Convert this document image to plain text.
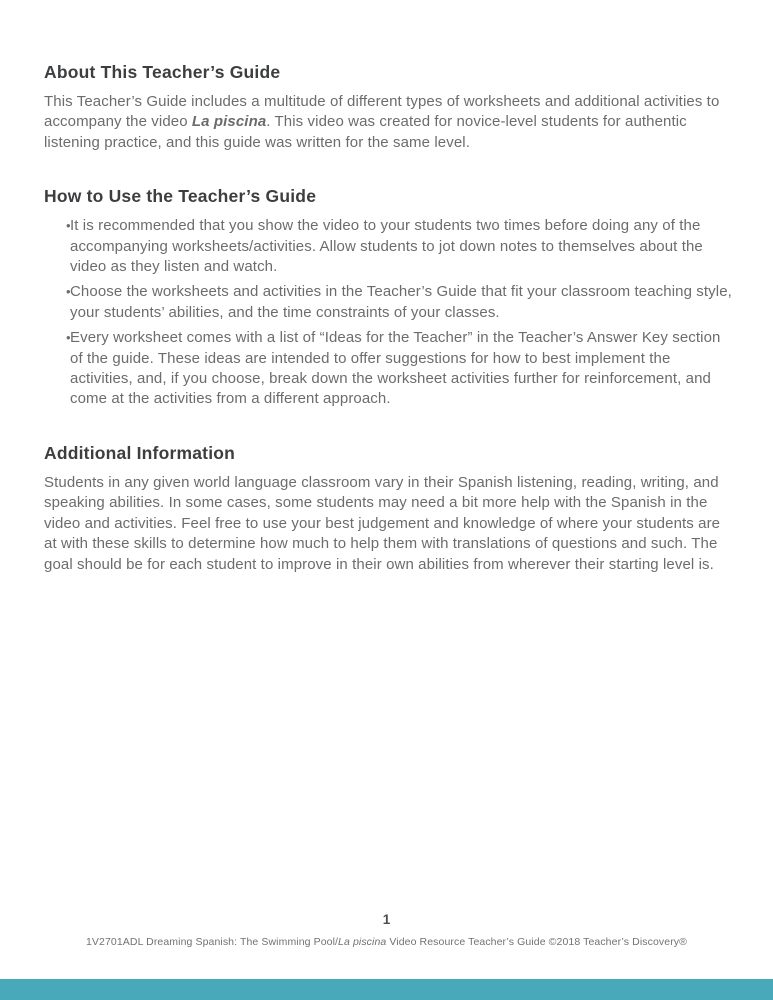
About This Teacher’s Guide

This Teacher’s Guide includes a multitude of different types of worksheets and additional activities to accompany the video La piscina. This video was created for novice-level students for authentic listening practice, and this guide was written for the same level.

How to Use the Teacher’s Guide
• It is recommended that you show the video to your students two times before doing any of the accompanying worksheets/activities. Allow students to jot down notes to themselves about the video as they listen and watch.
• Choose the worksheets and activities in the Teacher’s Guide that fit your classroom teaching style, your students’ abilities, and the time constraints of your classes.
• Every worksheet comes with a list of “Ideas for the Teacher” in the Teacher’s Answer Key section of the guide. These ideas are intended to offer suggestions for how to best implement the activities, and, if you choose, break down the worksheet activities further for reinforcement, and come at the activities from a different approach.
Additional Information

Students in any given world language classroom vary in their Spanish listening, reading, writing, and speaking abilities. In some cases, some students may need a bit more help with the Spanish in the video and activities. Feel free to use your best judgement and knowledge of where your students are at with these skills to determine how much to help them with translations of questions and such. The goal should be for each student to improve in their own abilities from wherever their starting level is.

1
1V2701ADL Dreaming Spanish: The Swimming Pool/La piscina Video Resource Teacher’s Guide ©2018 Teacher’s Discovery®
